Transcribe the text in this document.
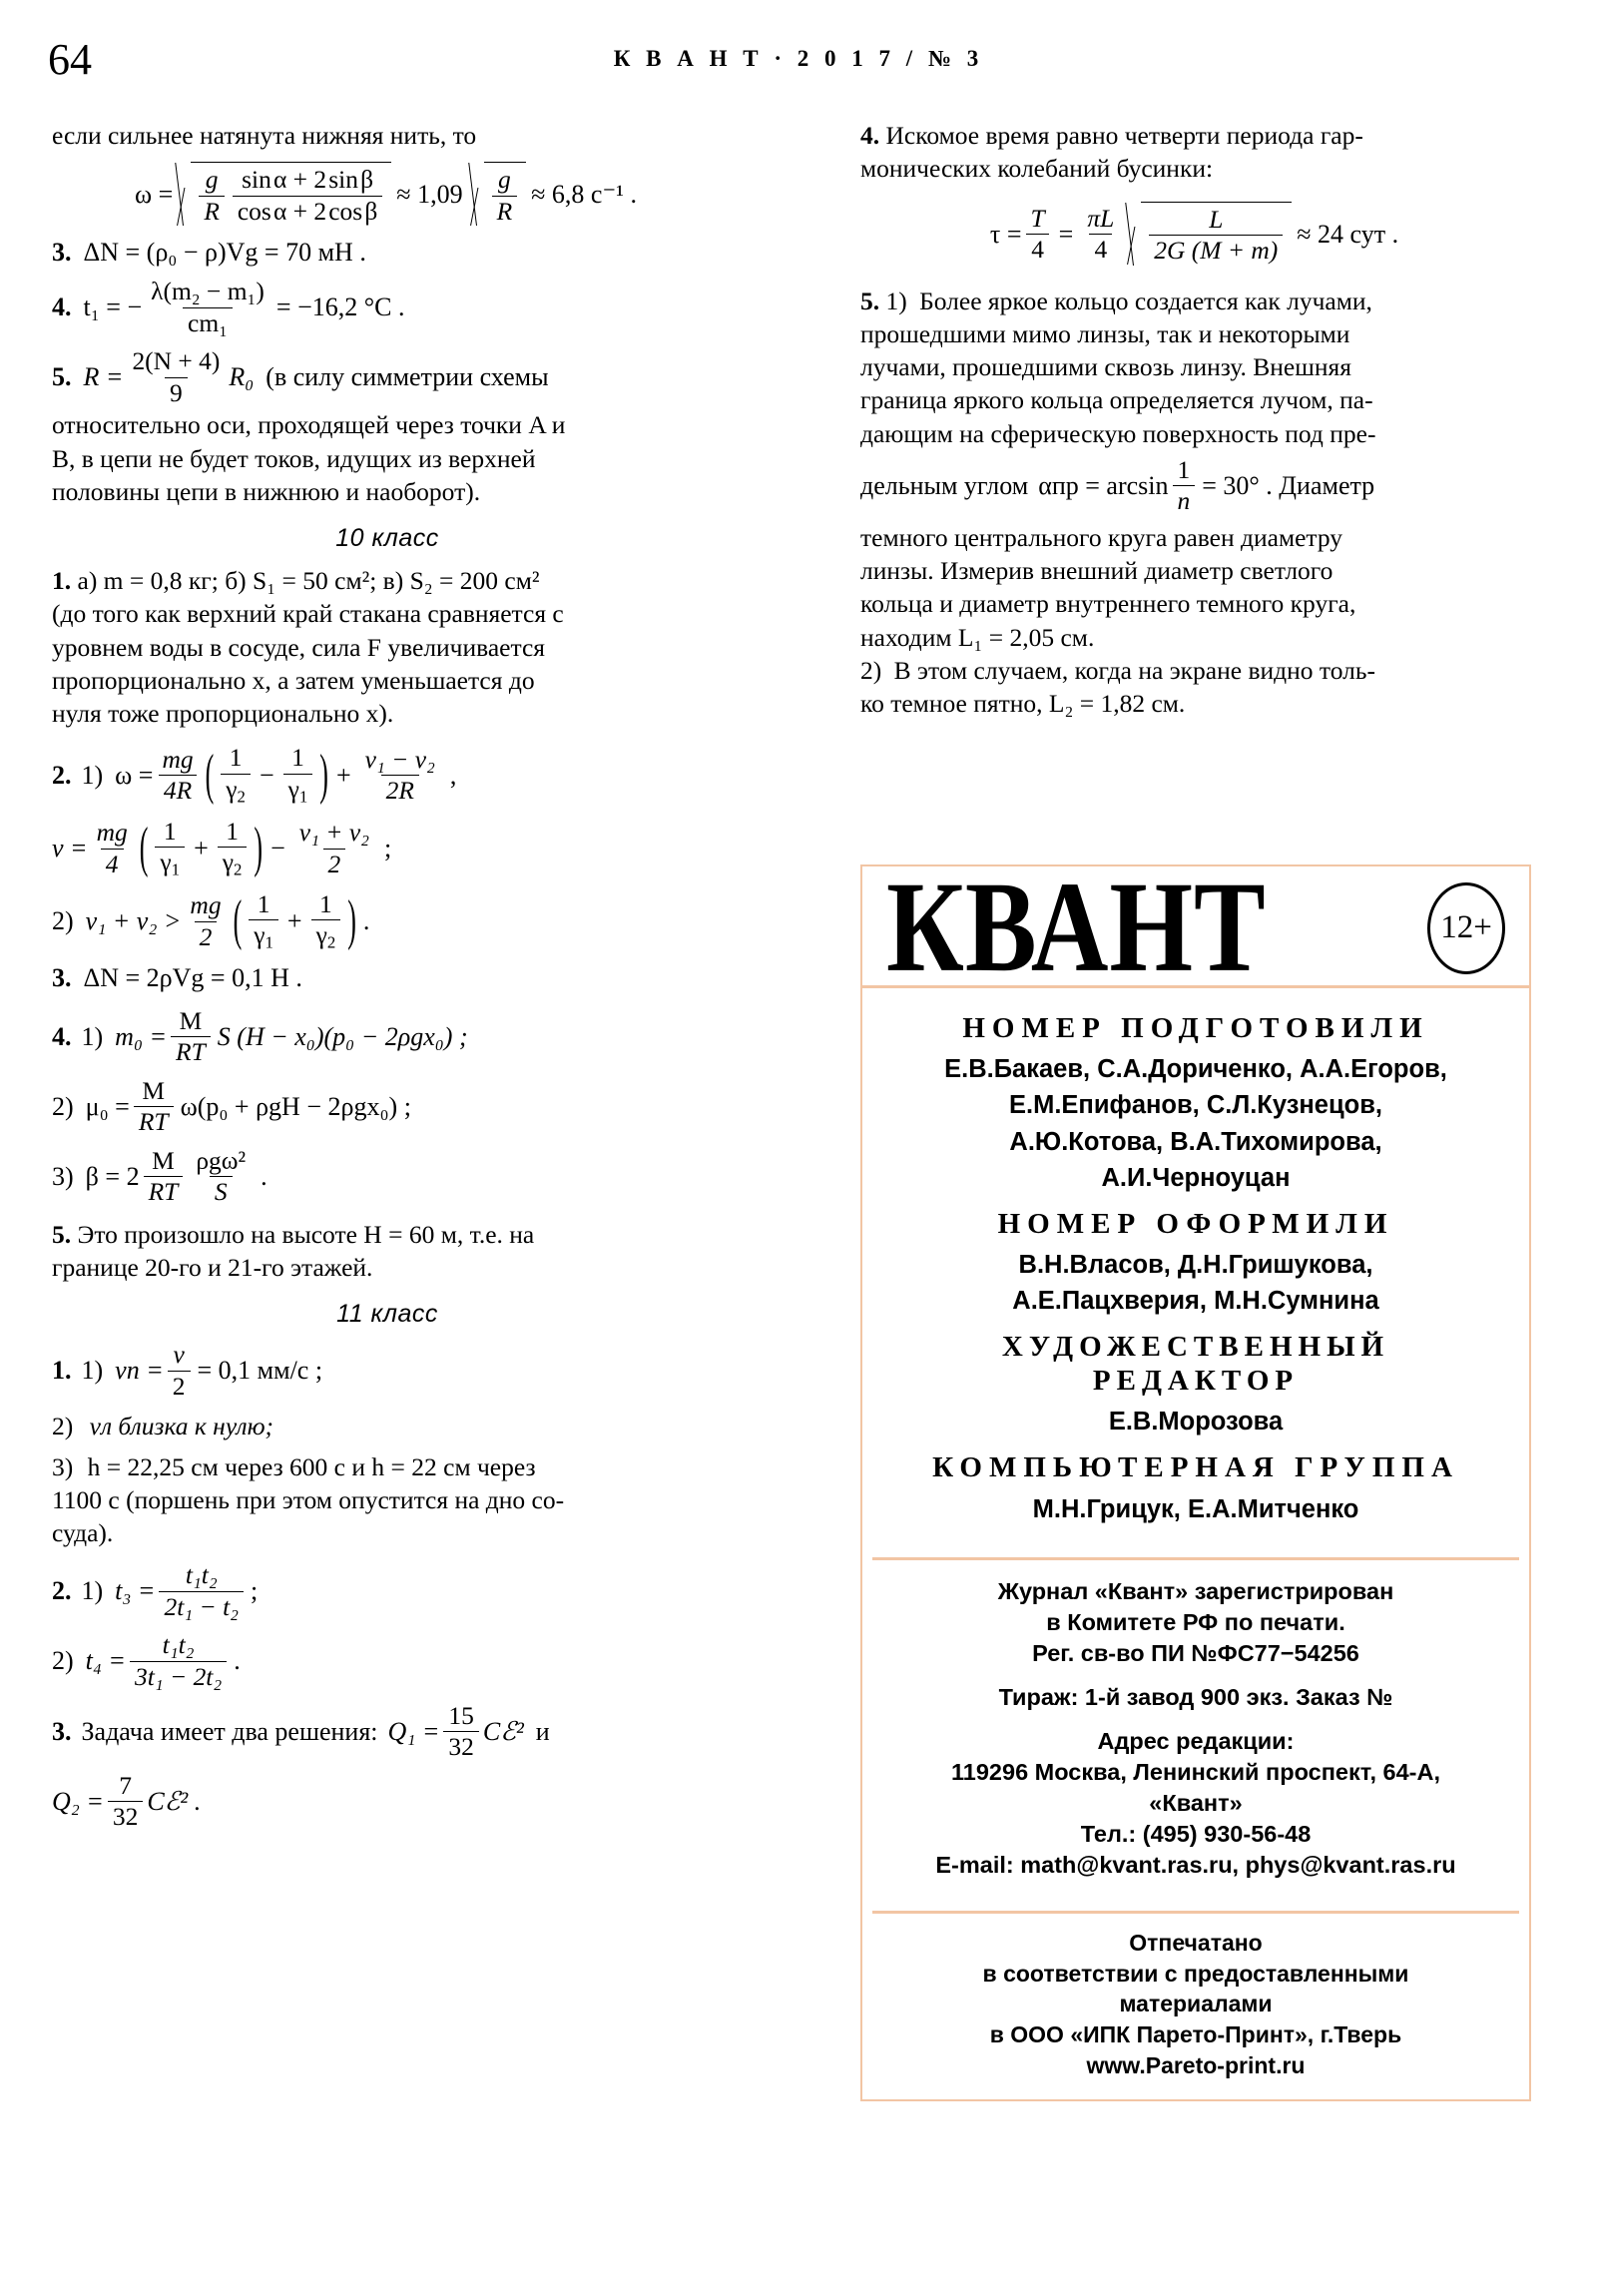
64	К В А Н Т · 2 0 1 7 / № 3

если сильнее натянута нижняя нить, то

$\omega = \frac{g}{R} \frac{\text{sin α + 2 sin β}}{\text{cos α + 2 cos β}} \approx 1,09 \frac{g}{R} \approx 6,8$ с⁻¹ .
3. ΔN = (ρ₀ − ρ)Vg = 70 мН .
4. t₁ = − $\frac{\text{λ(m₂ − m₁)}}{\text{cm₁}} = -16,2$ °C .
5. $R = \frac{2(N + 4)}{9} R_0$ (в силу симметрии схемы

относительно оси, проходящей через точки A и

B, в цепи не будет токов, идущих из верхней

половины цепи в нижнюю и наоборот).

10 класс

1. а) m = 0,8 кг; б) S₁ = 50 см²; в) S₂ = 200 см²

(до того как верхний край стакана сравняется с

уровнем воды в сосуде, сила F увеличивается

пропорционально x, а затем уменьшается до

нуля тоже пропорционально x).

2. 1) $\omega = \frac{mg}{4R}$ ( $\frac{1}{\gamma_2} - \frac{1}{\gamma_1}$ ) + $\frac{\text{v₁ − v₂}}{2R}$ ,
$v = \frac{mg}{4}$ ( $\frac{1}{\gamma_1} + \frac{1}{\gamma_2}$ ) − $\frac{\text{v₁ + v₂}}{2}$ ;
2) $v_1 + v_2 > \frac{mg}{2}$ ( $\frac{1}{\gamma_1} + \frac{1}{\gamma_2}$ ) .
3. ΔN = 2ρVg = 0,1 Н .
4. 1) $m_0 = \frac{M}{RT}$ S (H − x₀)(p₀ − 2ρgx₀) ;
2) $\mu_0 = \frac{M}{RT} \omega(p_0 + \rho gH - 2\rho gx_0)$ ;
3) $\beta = 2 \frac{M}{RT} \frac{\text{ρgω²}}{S}$ .

5. Это произошло на высоте H = 60 м, т.е. на

границе 20-го и 21-го этажей.

11 класс
1. 1) vп = $\frac{v}{2} = 0,1$ мм/с ;

2) vл близка к нулю;

3) h = 22,25 см через 600 с и h = 22 см через

1100 с (поршень при этом опустится на дно со-

суда).

2. 1) $t_3 = \frac{\text{t₁t₂}}{\text{2t₁ − t₂}}$ ;
2) $t_4 = \frac{\text{t₁t₂}}{\text{3t₁ − 2t₂}}$ .
3. Задача имеет два решения: $Q_1 = \frac{15}{32}$ Cℰ² и
$Q_2 = \frac{7}{32}$ Cℰ² .

4. Искомое время равно четверти периода гар-

монических колебаний бусинки:

$\tau = \frac{T}{4} = \frac{\pi L}{4} \frac{L}{2G (M + m)} \approx 24$ сут .

5. 1) Более яркое кольцо создается как лучами,

прошедшими мимо линзы, так и некоторыми

лучами, прошедшими сквозь линзу. Внешняя

граница яркого кольца определяется лучом, па-

дающим на сферическую поверхность под пре-

дельным углом $\alpha пр = \arcsin \frac{1}{n} = 30^\circ$ . Диаметр

темного центрального круга равен диаметру

линзы. Измерив внешний диаметр светлого

кольца и диаметр внутреннего темного круга,

находим L₁ = 2,05 см.

2) В этом случаем, когда на экране видно толь-

ко темное пятно, L₂ = 1,82 см.

КВАНТ	12+
НОМЕР ПОДГОТОВИЛИ
Е.В.Бакаев, С.А.Дориченко, А.А.Егоров,
Е.М.Епифанов, С.Л.Кузнецов,
А.Ю.Котова, В.А.Тихомирова,
А.И.Черноуцан
НОМЕР ОФОРМИЛИ
В.Н.Власов, Д.Н.Гришукова,
А.Е.Пацхверия, М.Н.Сумнина
ХУДОЖЕСТВЕННЫЙ
РЕДАКТОР
Е.В.Морозова
КОМПЬЮТЕРНАЯ ГРУППА
М.Н.Грицук, Е.А.Митченко
Журнал «Квант» зарегистрирован
в Комитете РФ по печати.
Рег. св-во ПИ №ФС77−54256
Тираж: 1-й завод 900 экз. Заказ №
Адрес редакции:
119296 Москва, Ленинский проспект, 64-А,
«Квант»
Тел.: (495) 930-56-48
E-mail: math@kvant.ras.ru, phys@kvant.ras.ru
Отпечатано
в соответствии с предоставленными
материалами
в ООО «ИПК Парето-Принт», г.Тверь
www.Pareto-print.ru
